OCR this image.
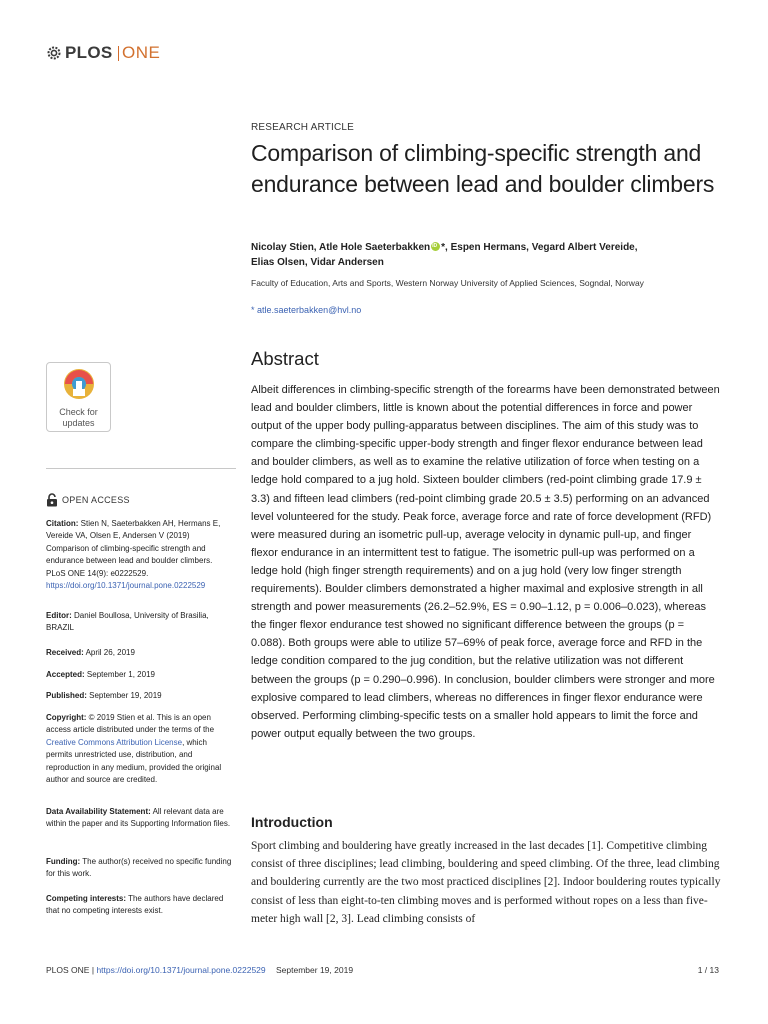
PLOS ONE
Check for
updates
OPEN ACCESS
Citation: Stien N, Saeterbakken AH, Hermans E, Vereide VA, Olsen E, Andersen V (2019) Comparison of climbing-specific strength and endurance between lead and boulder climbers. PLoS ONE 14(9): e0222529. https://doi.org/10.1371/journal.pone.0222529
Editor: Daniel Boullosa, University of Brasilia, BRAZIL
Received: April 26, 2019
Accepted: September 1, 2019
Published: September 19, 2019
Copyright: © 2019 Stien et al. This is an open access article distributed under the terms of the Creative Commons Attribution License, which permits unrestricted use, distribution, and reproduction in any medium, provided the original author and source are credited.
Data Availability Statement: All relevant data are within the paper and its Supporting Information files.
Funding: The author(s) received no specific funding for this work.
Competing interests: The authors have declared that no competing interests exist.
RESEARCH ARTICLE
Comparison of climbing-specific strength and endurance between lead and boulder climbers
Nicolay Stien, Atle Hole SaeterbakkeniD *, Espen Hermans, Vegard Albert Vereide,
Elias Olsen, Vidar Andersen
Faculty of Education, Arts and Sports, Western Norway University of Applied Sciences, Sogndal, Norway
* atle.saeterbakken@hvl.no
Abstract

Albeit differences in climbing-specific strength of the forearms have been demonstrated between lead and boulder climbers, little is known about the potential differences in force and power output of the upper body pulling-apparatus between disciplines. The aim of this study was to compare the climbing-specific upper-body strength and finger flexor endurance between lead and boulder climbers, as well as to examine the relative utilization of force when testing on a ledge hold compared to a jug hold. Sixteen boulder climbers (red-point climbing grade 17.9 ± 3.3) and fifteen lead climbers (red-point climbing grade 20.5 ± 3.5) performing on an advanced level volunteered for the study. Peak force, average force and rate of force development (RFD) were measured during an isometric pull-up, average velocity in dynamic pull-up, and finger flexor endurance in an intermittent test to fatigue. The isometric pull-up was performed on a ledge hold (high finger strength requirements) and on a jug hold (very low finger strength requirements). Boulder climbers demonstrated a higher maximal and explosive strength in all strength and power measurements (26.2–52.9%, ES = 0.90–1.12, p = 0.006–0.023), whereas the finger flexor endurance test showed no significant difference between the groups (p = 0.088). Both groups were able to utilize 57–69% of peak force, average force and RFD in the ledge condition compared to the jug condition, but the relative utilization was not different between the groups (p = 0.290–0.996). In conclusion, boulder climbers were stronger and more explosive compared to lead climbers, whereas no differences in finger flexor endurance were observed. Performing climbing-specific tests on a smaller hold appears to limit the force and power output equally between the two groups.

Introduction

Sport climbing and bouldering have greatly increased in the last decades [1]. Competitive climbing consist of three disciplines; lead climbing, bouldering and speed climbing. Of the three, lead climbing and bouldering currently are the two most practiced disciplines [2]. Indoor bouldering routes typically consist of less than eight-to-ten climbing moves and is performed without ropes on a less than five-meter high wall [2, 3]. Lead climbing consists of

PLOS ONE | https://doi.org/10.1371/journal.pone.0222529 September 19, 2019	1 / 13
